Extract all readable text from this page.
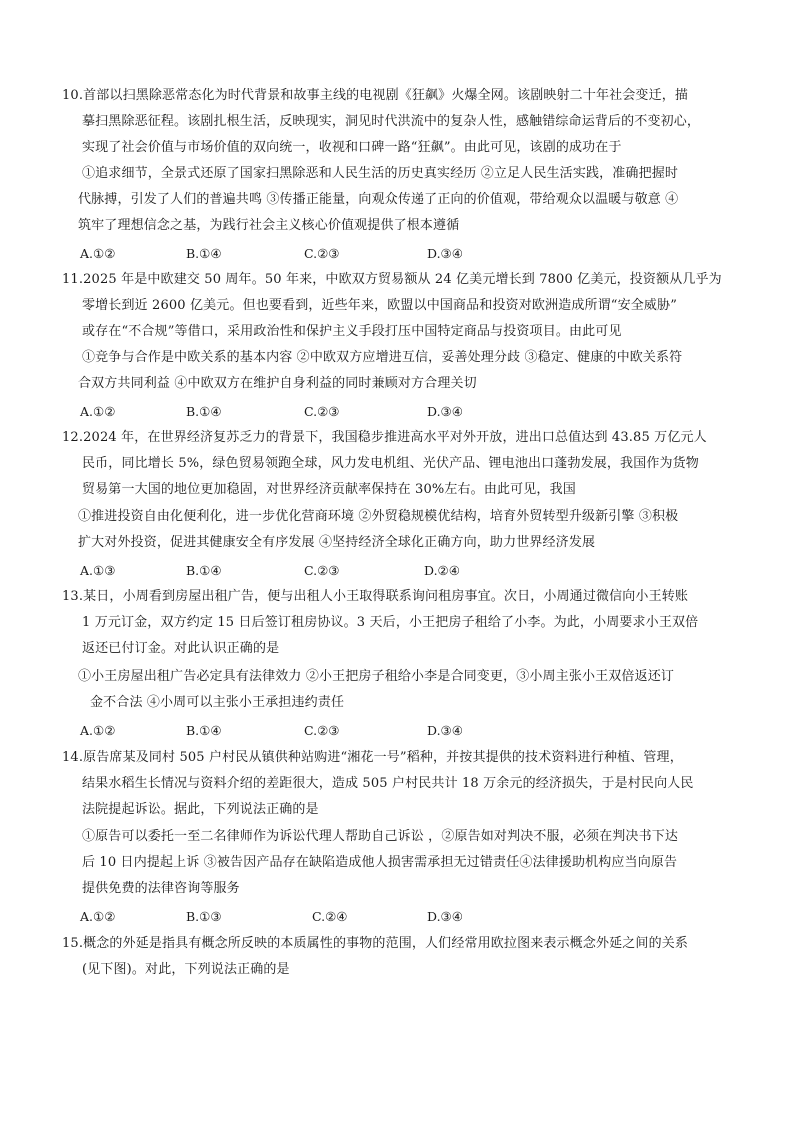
10.首部以扫黑除恶常态化为时代背景和故事主线的电视剧《狂飙》火爆全网。该剧映射二十年社会变迁，描
摹扫黑除恶征程。该剧扎根生活，反映现实，洞见时代洪流中的复杂人性，感触错综命运背后的不变初心，
实现了社会价值与市场价值的双向统一，收视和口碑一路“狂飙”。由此可见，该剧的成功在于
①追求细节，全景式还原了国家扫黑除恶和人民生活的历史真实经历 ②立足人民生活实践，准确把握时
代脉搏，引发了人们的普遍共鸣 ③传播正能量，向观众传递了正向的价值观，带给观众以温暖与敬意 ④
筑牢了理想信念之基，为践行社会主义核心价值观提供了根本遵循
A.①②	B.①④	C.②③	D.③④
11.2025 年是中欧建交 50 周年。50 年来，中欧双方贸易额从 24 亿美元增长到 7800 亿美元，投资额从几乎为
零增长到近 2600 亿美元。但也要看到，近些年来，欧盟以中国商品和投资对欧洲造成所谓“安全威胁”
或存在“不合规”等借口，采用政治性和保护主义手段打压中国特定商品与投资项目。由此可见
①竞争与合作是中欧关系的基本内容 ②中欧双方应增进互信，妥善处理分歧 ③稳定、健康的中欧关系符
合双方共同利益 ④中欧双方在维护自身利益的同时兼顾对方合理关切
A.①②	B.①④	C.②③	D.③④
12.2024 年，在世界经济复苏乏力的背景下，我国稳步推进高水平对外开放，进出口总值达到 43.85 万亿元人
民币，同比增长 5%，绿色贸易领跑全球，风力发电机组、光伏产品、锂电池出口蓬勃发展，我国作为货物
贸易第一大国的地位更加稳固，对世界经济贡献率保持在 30%左右。由此可见，我国
①推进投资自由化便利化，进一步优化营商环境 ②外贸稳规模优结构，培育外贸转型升级新引擎 ③积极
扩大对外投资，促进其健康安全有序发展 ④坚持经济全球化正确方向，助力世界经济发展
A.①③	B.①④	C.②③	D.②④
13.某日，小周看到房屋出租广告，便与出租人小王取得联系询问租房事宜。次日，小周通过微信向小王转账
1 万元订金，双方约定 15 日后签订租房协议。3 天后，小王把房子租给了小李。为此，小周要求小王双倍
返还已付订金。对此认识正确的是
①小王房屋出租广告必定具有法律效力 ②小王把房子租给小李是合同变更，③小周主张小王双倍返还订
金不合法 ④小周可以主张小王承担违约责任
A.①②	B.①④	C.②③	D.③④
14.原告席某及同村 505 户村民从镇供种站购进“湘花一号”稻种，并按其提供的技术资料进行种植、管理，
结果水稻生长情况与资料介绍的差距很大，造成 505 户村民共计 18 万余元的经济损失，于是村民向人民
法院提起诉讼。据此，下列说法正确的是
①原告可以委托一至二名律师作为诉讼代理人帮助自己诉讼 ，②原告如对判决不服，必须在判决书下达
后 10 日内提起上诉 ③被告因产品存在缺陷造成他人损害需承担无过错责任④法律援助机构应当向原告
提供免费的法律咨询等服务
A.①②	B.①③	C.②④	D.③④
15.概念的外延是指具有概念所反映的本质属性的事物的范围，人们经常用欧拉图来表示概念外延之间的关系
(见下图)。对此，下列说法正确的是
